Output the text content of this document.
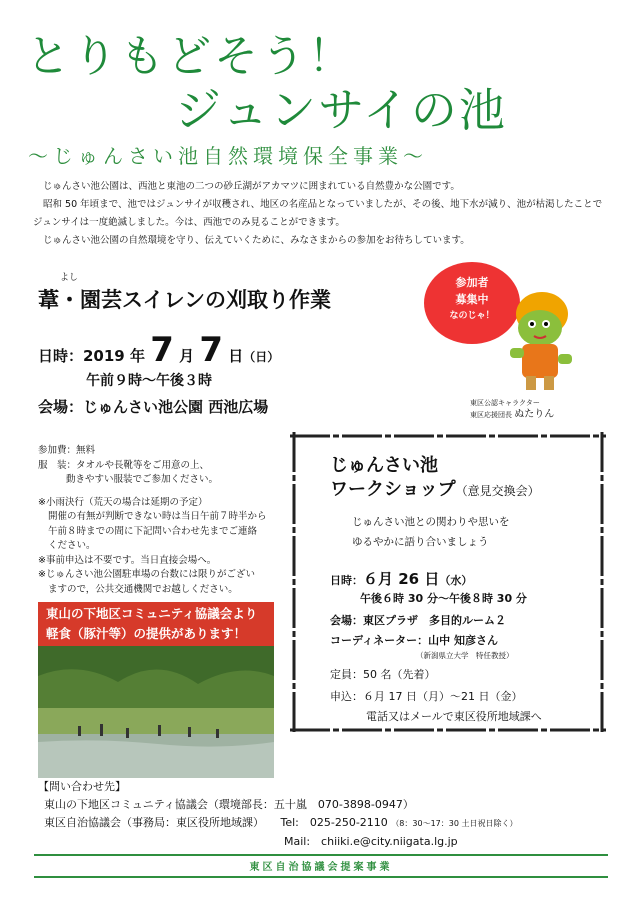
とりもどそう！
ジュンサイの池
〜じゅんさい池自然環境保全事業〜

じゅんさい池公園は、西池と東池の二つの砂丘湖がアカマツに囲まれている自然豊かな公園です。

昭和 50 年頃まで、池ではジュンサイが収穫され、地区の名産品となっていましたが、その後、地下水が減り、池が枯渇したことで

ジュンサイは一度絶滅しました。今は、西池でのみ見ることができます。

じゅんさい池公園の自然環境を守り、伝えていくために、みなさまからの参加をお待ちしています。

よし
葦・園芸スイレンの刈取り作業
日時：2019 年 7 月 7 日（日）
午前９時〜午後３時
会場：じゅんさい池公園 西池広場

参加費：無料

服　装：タオルや長靴等をご用意の上、

動きやすい服装でご参加ください。

※小雨決行（荒天の場合は延期の予定）

開催の有無が判断できない時は当日午前７時半から

午前８時までの間に下記問い合わせ先までご連絡

ください。

※事前申込は不要です。当日直接会場へ。

※じゅんさい池公園駐車場の台数には限りがござい

ますので，公共交通機関でお越しください。

東山の下地区コミュニティ協議会より
軽食（豚汁等）の提供があります！
参加者
募集中
なのじゃ！
東区公認キャラクター
東区応援団長 ぬたりん
じゅんさい池
ワークショップ（意見交換会）
じゅんさい池との関わりや思いを
ゆるやかに語り合いましょう
日時：６月 26 日（水）
午後６時 30 分〜午後８時 30 分
会場：東区プラザ　多目的ルーム２
コーディネーター：山中 知彦さん
（新潟県立大学　特任教授）
定員：50 名（先着）
申込：６月 17 日（月）〜21 日（金）
電話又はメールで東区役所地域課へ

【問い合わせ先】

東山の下地区コミュニティ協議会（環境部長：五十嵐　070-3898-0947）

東区自治協議会（事務局：東区役所地域課）　　 Tel:　025-250-2110 （8：30〜17：30 土日祝日除く）

Mail:　chiiki.e@city.niigata.lg.jp

東区自治協議会提案事業
